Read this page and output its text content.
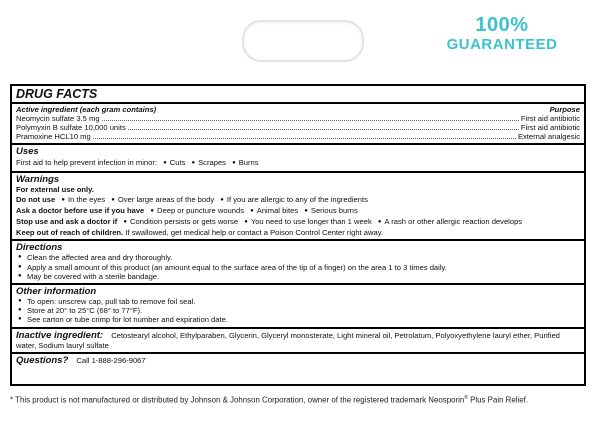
100%
GUARANTEED
DRUG FACTS
Active ingredient (each gram contains)	Purpose
Neomycin sulfate 3.5 mg	First aid antibiotic
Polymyxin B sulfate 10,000 units	First aid antibiotic
Pramoxine HCL10 mg	External analgesic
Uses
First aid to help prevent infection in minor: ● Cuts ● Scrapes ● Burns
Warnings
For external use only.
Do not use ● In the eyes ● Over large areas of the body ● If you are allergic to any of the ingredients
Ask a doctor before use if you have ● Deep or puncture wounds ● Animal bites ● Serious burns
Stop use and ask a doctor if ● Condition persists or gets worse ● You need to use longer than 1 week ● A rash or other allergic reaction develops
Keep out of reach of children. If swallowed, get medical help or contact a Poison Control Center right away.
Directions
● Clean the affected area and dry thoroughly.
● Apply a small amount of this product (an amount equal to the surface area of the tip of a finger) on the area 1 to 3 times daily.
● May be covered with a sterile bandage.
Other information
● To open: unscrew cap, pull tab to remove foil seal.
● Store at 20° to 25°C (68° to 77°F).
● See carton or tube crimp for lot number and expiration date.
Inactive ingredient: Cetostearyl alcohol, Ethylparaben, Glycerin, Glyceryl monosterate, Light mineral oil, Petrolatum, Polyoxyethylene lauryl ether, Purified water, Sodium lauryl sulfate
Questions? Call 1-888-296-9067
* This product is not manufactured or distributed by Johnson & Johnson Corporation, owner of the registered trademark Neosporin® Plus Pain Relief.
